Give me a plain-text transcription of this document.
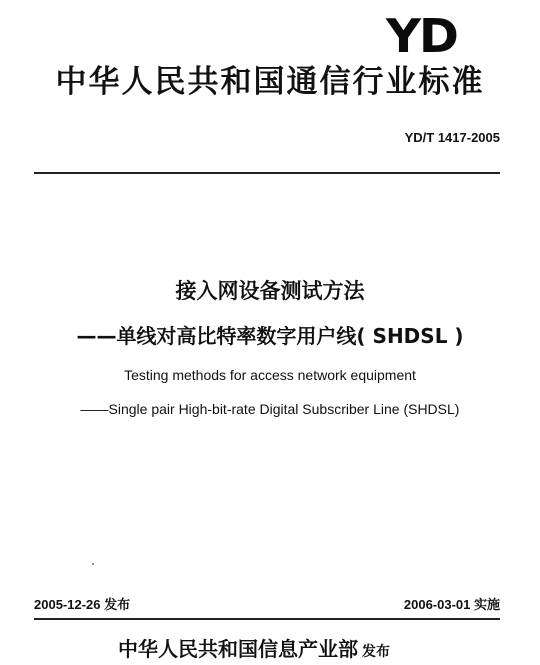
YD
中华人民共和国通信行业标准
YD/T 1417-2005
接入网设备测试方法
——单线对高比特率数字用户线( SHDSL )
Testing methods for access network equipment
——Single pair High-bit-rate Digital Subscriber Line (SHDSL)
2005-12-26 发布	2006-03-01 实施
中华人民共和国信息产业部 发布
